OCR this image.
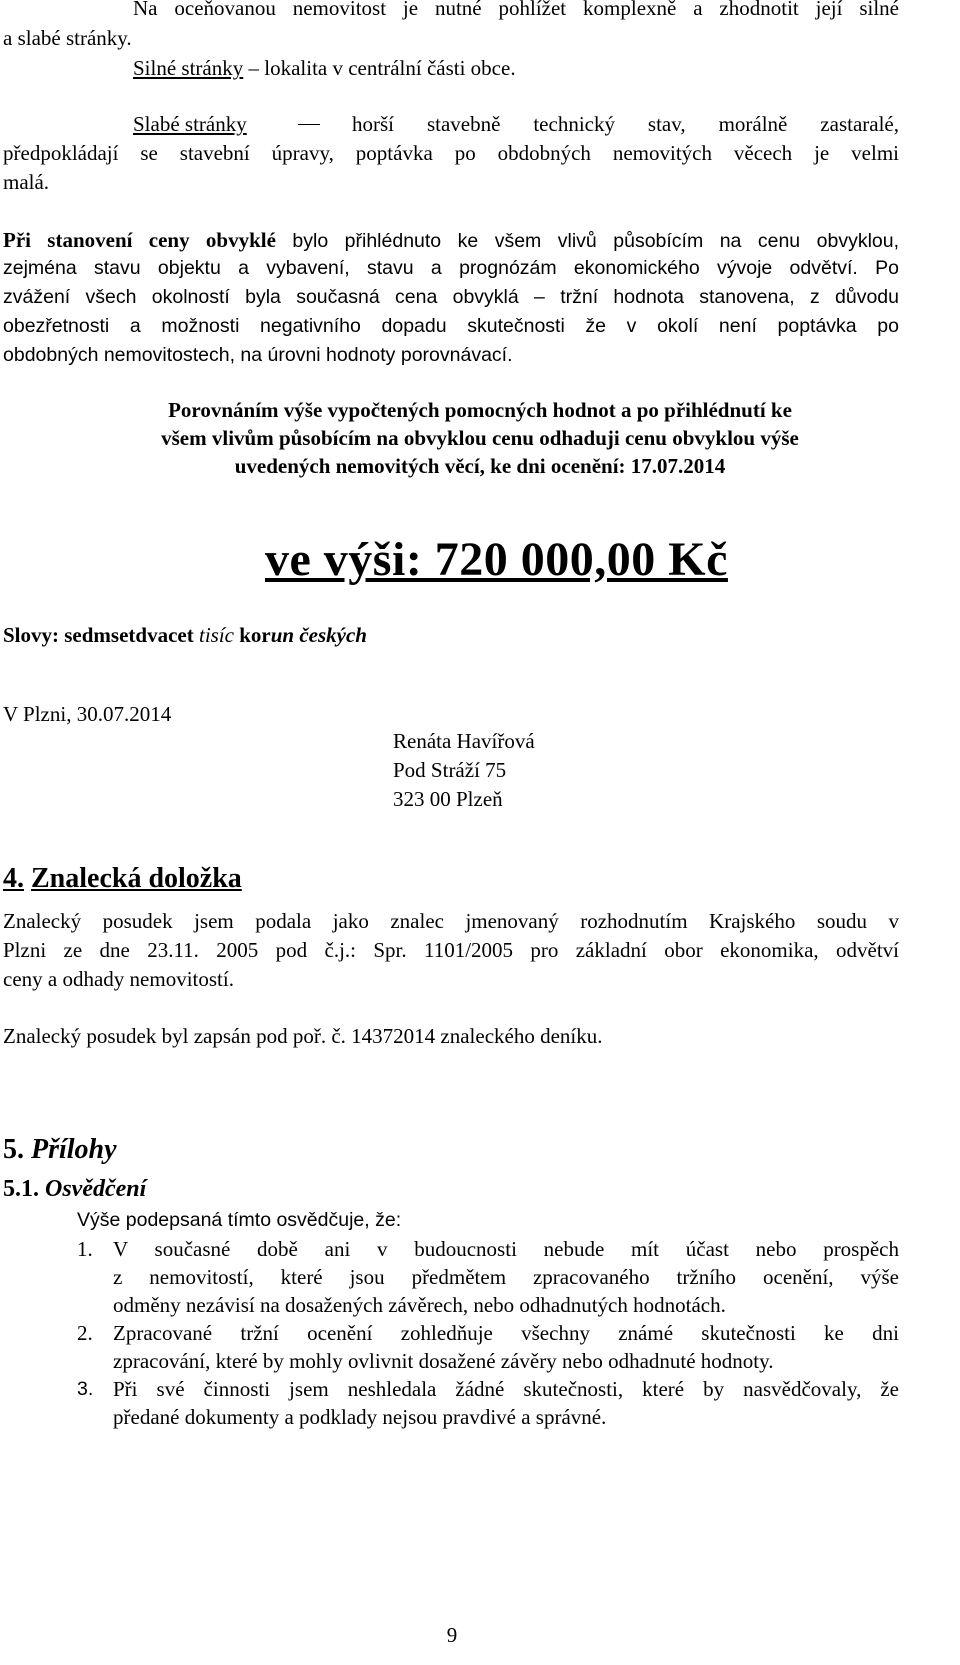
Na oceňovanou nemovitost je nutné pohlížet komplexně a zhodnotit její silné
a slabé stránky.
Silné stránky – lokalita v centrální části obce.
Slabé stránky	horší stavebně technický stav, morálně zastaralé,
předpokládají se stavební úpravy, poptávka po obdobných nemovitých věcech je velmi
malá.
Při stanovení ceny obvyklé bylo přihlédnuto ke všem vlivů působícím na cenu obvyklou,
zejména stavu objektu a vybavení, stavu a prognózám ekonomického vývoje odvětví. Po
zvážení všech okolností byla současná cena obvyklá – tržní hodnota stanovena, z důvodu
obezřetnosti a možnosti negativního dopadu skutečnosti že v okolí není poptávka po
obdobných nemovitostech, na úrovni hodnoty porovnávací.
Porovnáním výše vypočtených pomocných hodnot a po přihlédnutí ke
všem vlivům působícím na obvyklou cenu odhaduji cenu obvyklou výše
uvedených nemovitých věcí, ke dni ocenění: 17.07.2014
ve výši: 720 000,00 Kč
Slovy: sedmsetdvacet tisíc korun českých
V Plzni, 30.07.2014
Renáta Havířová
Pod Stráží 75
323 00 Plzeň
4. Znalecká doložka
Znalecký posudek jsem podala jako znalec jmenovaný rozhodnutím Krajského soudu v
Plzni ze dne 23.11. 2005 pod č.j.: Spr. 1101/2005 pro základní obor ekonomika, odvětví
ceny a odhady nemovitostí.
Znalecký posudek byl zapsán pod poř. č. 14372014 znaleckého deníku.
5. Přílohy
5.1. Osvědčení
Výše podepsaná tímto osvědčuje, že:
1. V současné době ani v budoucnosti nebude mít účast nebo prospěch
z nemovitostí, které jsou předmětem zpracovaného tržního ocenění, výše
odměny nezávisí na dosažených závěrech, nebo odhadnutých hodnotách.
2. Zpracované tržní ocenění zohledňuje všechny známé skutečnosti ke dni
zpracování, které by mohly ovlivnit dosažené závěry nebo odhadnuté hodnoty.
3. Při své činnosti jsem neshledala žádné skutečnosti, které by nasvědčovaly, že
předané dokumenty a podklady nejsou pravdivé a správné.
9
